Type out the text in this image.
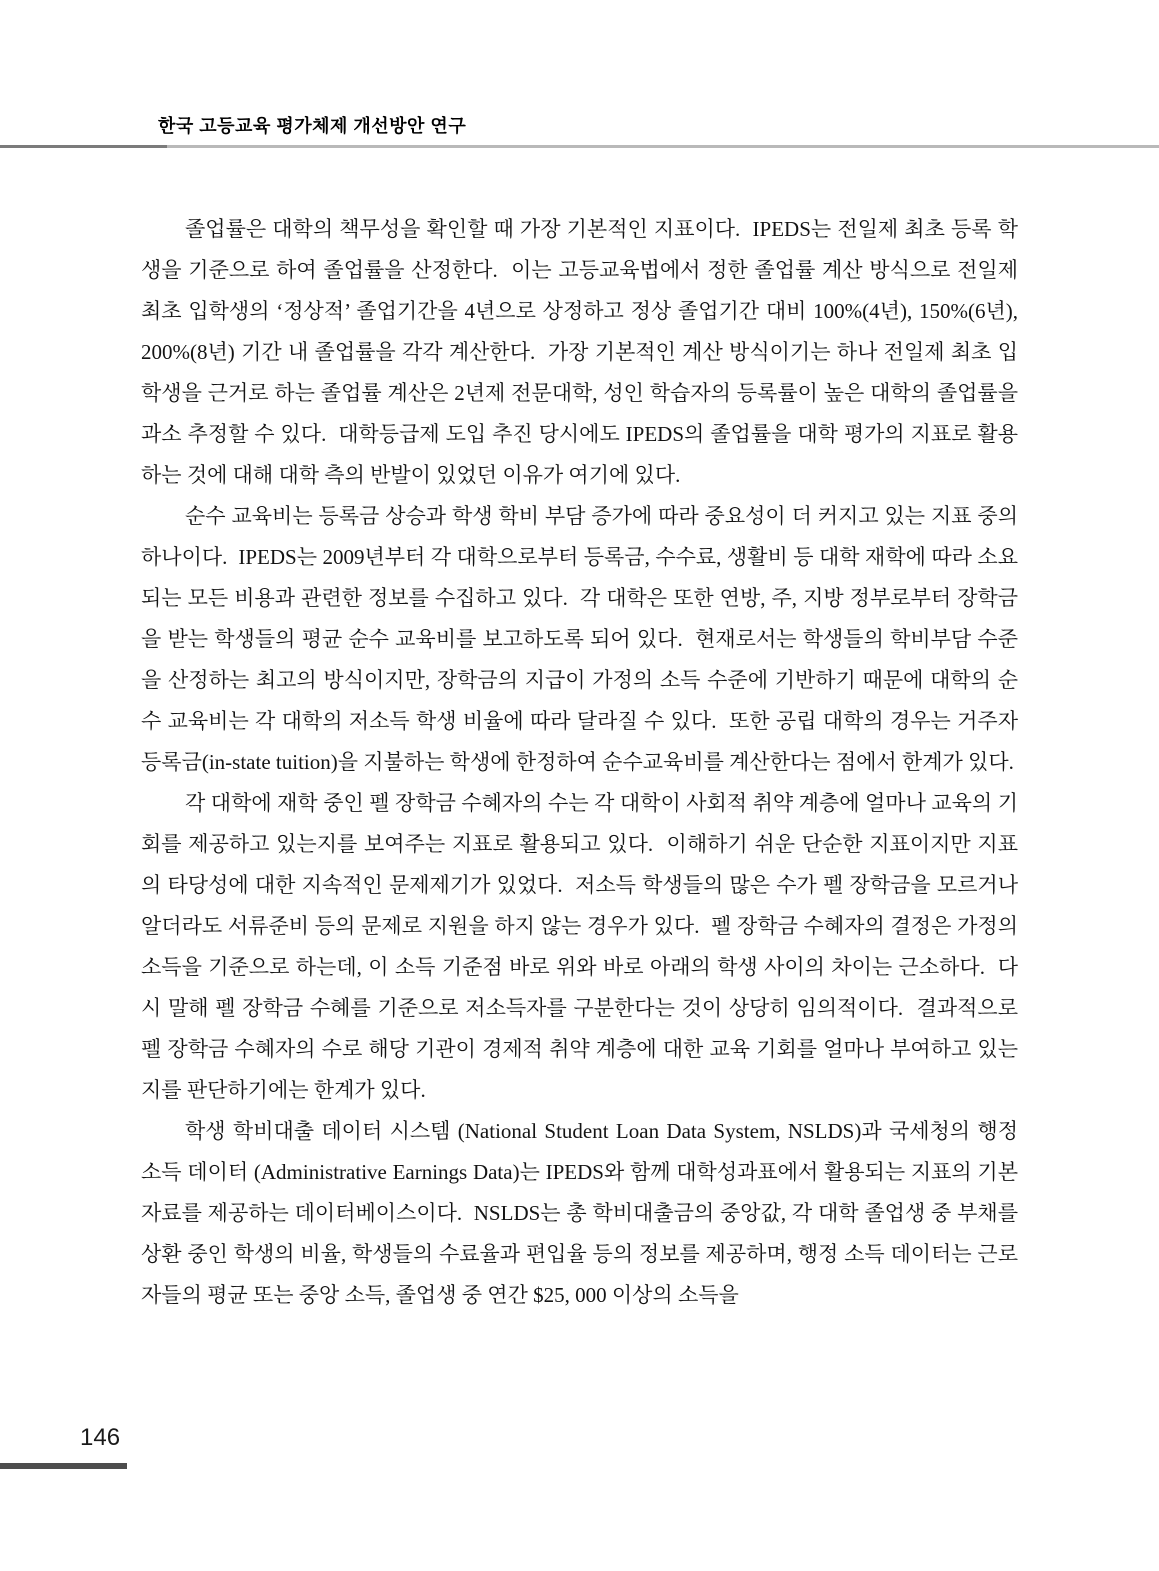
한국 고등교육 평가체제 개선방안 연구

졸업률은 대학의 책무성을 확인할 때 가장 기본적인 지표이다.  IPEDS는 전일제 최초 등록 학생을 기준으로 하여 졸업률을 산정한다.  이는 고등교육법에서 정한 졸업률 계산 방식으로 전일제 최초 입학생의 ‘정상적’ 졸업기간을 4년으로 상정하고 정상 졸업기간 대비 100%(4년), 150%(6년), 200%(8년) 기간 내 졸업률을 각각 계산한다.  가장 기본적인 계산 방식이기는 하나 전일제 최초 입학생을 근거로 하는 졸업률 계산은 2년제 전문대학, 성인 학습자의 등록률이 높은 대학의 졸업률을 과소 추정할 수 있다.  대학등급제 도입 추진 당시에도 IPEDS의 졸업률을 대학 평가의 지표로 활용하는 것에 대해 대학 측의 반발이 있었던 이유가 여기에 있다.

순수 교육비는 등록금 상승과 학생 학비 부담 증가에 따라 중요성이 더 커지고 있는 지표 중의 하나이다.  IPEDS는 2009년부터 각 대학으로부터 등록금, 수수료, 생활비 등 대학 재학에 따라 소요되는 모든 비용과 관련한 정보를 수집하고 있다.  각 대학은 또한 연방, 주, 지방 정부로부터 장학금을 받는 학생들의 평균 순수 교육비를 보고하도록 되어 있다.  현재로서는 학생들의 학비부담 수준을 산정하는 최고의 방식이지만, 장학금의 지급이 가정의 소득 수준에 기반하기 때문에 대학의 순수 교육비는 각 대학의 저소득 학생 비율에 따라 달라질 수 있다.  또한 공립 대학의 경우는 거주자 등록금(in-state tuition)을 지불하는 학생에 한정하여 순수교육비를 계산한다는 점에서 한계가 있다.

각 대학에 재학 중인 펠 장학금 수혜자의 수는 각 대학이 사회적 취약 계층에 얼마나 교육의 기회를 제공하고 있는지를 보여주는 지표로 활용되고 있다.  이해하기 쉬운 단순한 지표이지만 지표의 타당성에 대한 지속적인 문제제기가 있었다.  저소득 학생들의 많은 수가 펠 장학금을 모르거나 알더라도 서류준비 등의 문제로 지원을 하지 않는 경우가 있다.  펠 장학금 수혜자의 결정은 가정의 소득을 기준으로 하는데, 이 소득 기준점 바로 위와 바로 아래의 학생 사이의 차이는 근소하다.  다시 말해 펠 장학금 수혜를 기준으로 저소득자를 구분한다는 것이 상당히 임의적이다.  결과적으로 펠 장학금 수혜자의 수로 해당 기관이 경제적 취약 계층에 대한 교육 기회를 얼마나 부여하고 있는지를 판단하기에는 한계가 있다.

학생 학비대출 데이터 시스템 (National Student Loan Data System, NSLDS)과 국세청의 행정 소득 데이터 (Administrative Earnings Data)는 IPEDS와 함께 대학성과표에서 활용되는 지표의 기본 자료를 제공하는 데이터베이스이다.  NSLDS는 총 학비대출금의 중앙값, 각 대학 졸업생 중 부채를 상환 중인 학생의 비율, 학생들의 수료율과 편입율 등의 정보를 제공하며, 행정 소득 데이터는 근로자들의 평균 또는 중앙 소득, 졸업생 중 연간 $25, 000 이상의 소득을

146
